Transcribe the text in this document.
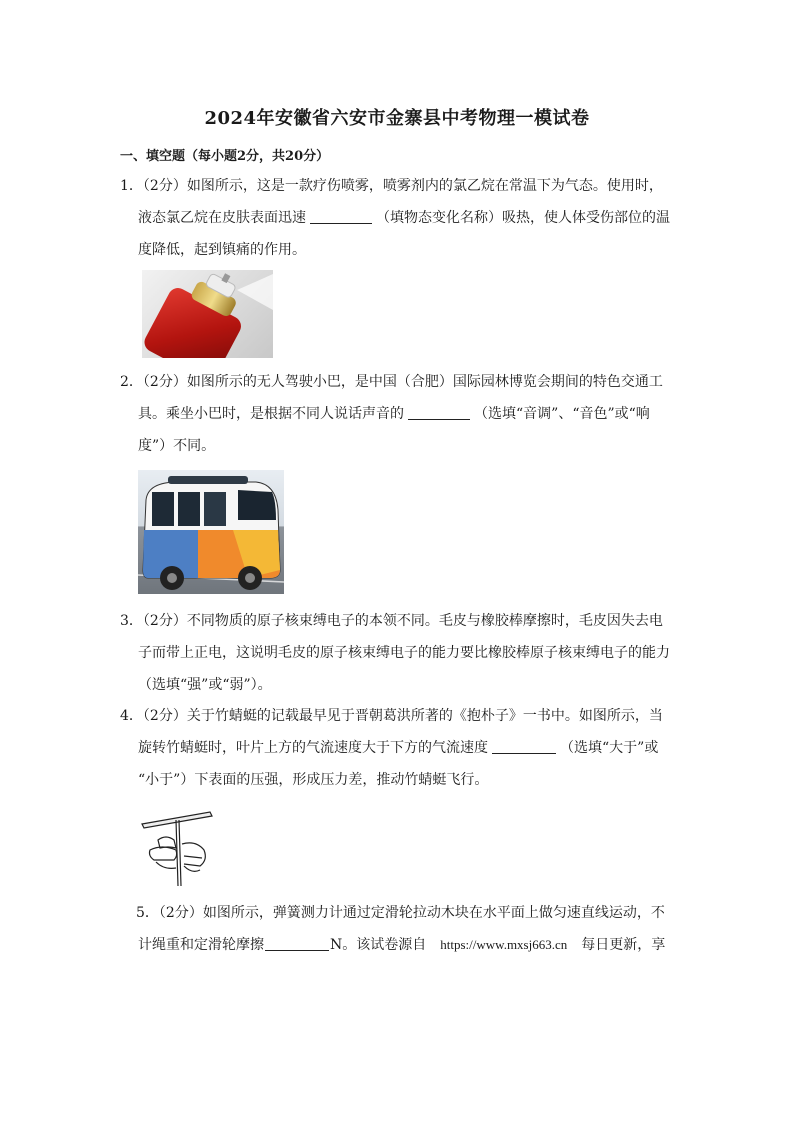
2024年安徽省六安市金寨县中考物理一模试卷
一、填空题（每小题2分，共20分）

1．（2分）如图所示，这是一款疗伤喷雾，喷雾剂内的氯乙烷在常温下为气态。使用时，

液态氯乙烷在皮肤表面迅速	（填物态变化名称）吸热，使人体受伤部位的温

度降低，起到镇痛的作用。

2．（2分）如图所示的无人驾驶小巴，是中国（合肥）国际园林博览会期间的特色交通工

具。乘坐小巴时，是根据不同人说话声音的	（选填“音调”、“音色”或“响

度”）不同。

3．（2分）不同物质的原子核束缚电子的本领不同。毛皮与橡胶棒摩擦时，毛皮因失去电

子而带上正电，这说明毛皮的原子核束缚电子的能力要比橡胶棒原子核束缚电子的能力

（选填“强”或“弱”）。

4．（2分）关于竹蜻蜓的记载最早见于晋朝葛洪所著的《抱朴子》一书中。如图所示，当

旋转竹蜻蜓时，叶片上方的气流速度大于下方的气流速度	（选填“大于”或

“小于”）下表面的压强，形成压力差，推动竹蜻蜓飞行。

5．（2分）如图所示，弹簧测力计通过定滑轮拉动木块在水平面上做匀速直线运动，不

计绳重和定滑轮摩擦	N。该试卷源自 https://www.mxsj663.cn 每日更新，享
